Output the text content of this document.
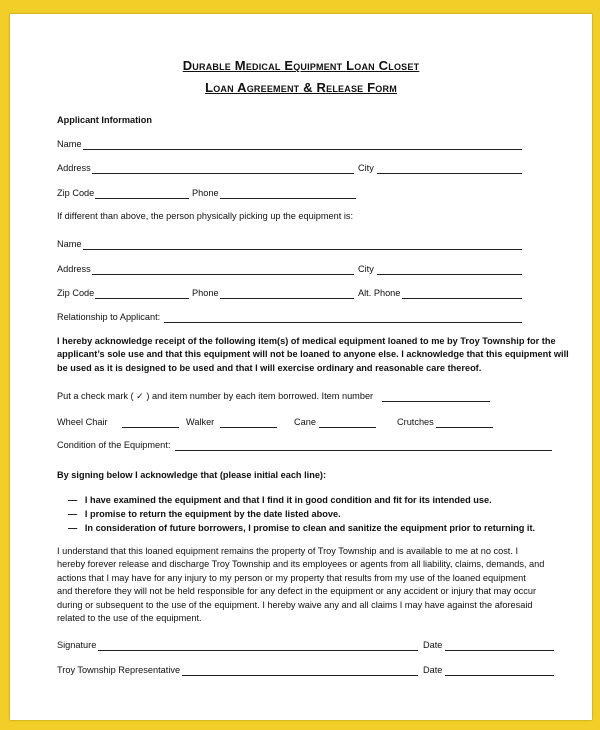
Durable Medical Equipment Loan Closet
Loan Agreement & Release Form
Applicant Information
Name
Address	City
Zip Code	Phone
If different than above, the person physically picking up the equipment is:
Name
Address	City
Zip Code	Phone	Alt. Phone
Relationship to Applicant:
I hereby acknowledge receipt of the following item(s) of medical equipment loaned to me by Troy Township for the
applicant’s sole use and that this equipment will not be loaned to anyone else. I acknowledge that this equipment will
be used as it is designed to be used and that I will exercise ordinary and reasonable care thereof.
Put a check mark ( ✓ ) and item number by each item borrowed. Item number
Wheel Chair	Walker	Cane	Crutches
Condition of the Equipment:
By signing below I acknowledge that (please initial each line):
— I have examined the equipment and that I find it in good condition and fit for its intended use.
— I promise to return the equipment by the date listed above.
— In consideration of future borrowers, I promise to clean and sanitize the equipment prior to returning it.
I understand that this loaned equipment remains the property of Troy Township and is available to me at no cost. I
hereby forever release and discharge Troy Township and its employees or agents from all liability, claims, demands, and
actions that I may have for any injury to my person or my property that results from my use of the loaned equipment
and therefore they will not be held responsible for any defect in the equipment or any accident or injury that may occur
during or subsequent to the use of the equipment. I hereby waive any and all claims I may have against the aforesaid
related to the use of the equipment.
Signature	Date
Troy Township Representative	Date
